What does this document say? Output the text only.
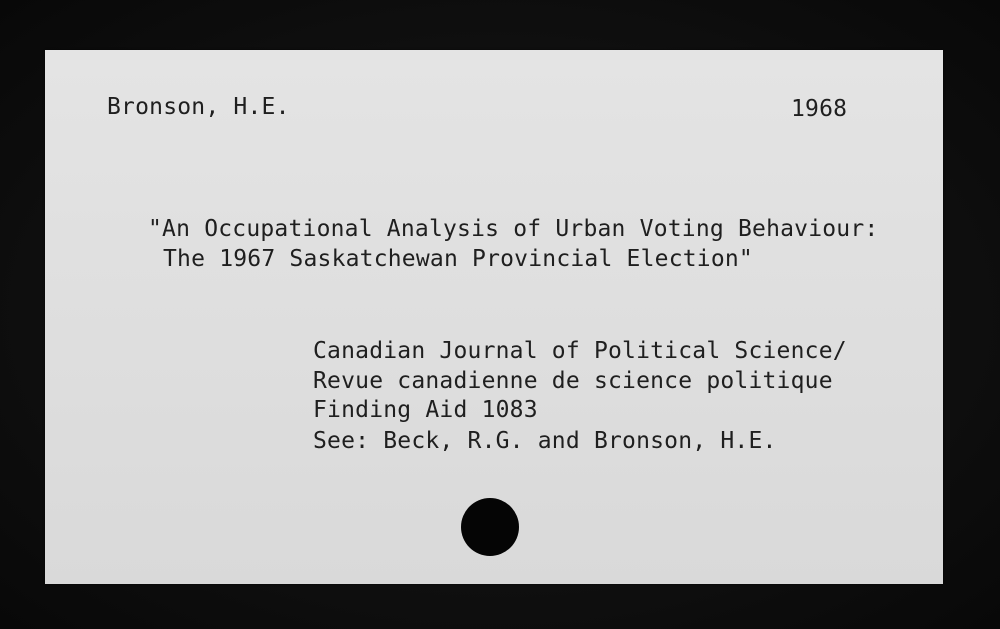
Bronson, H.E.	1968
"An Occupational Analysis of Urban Voting Behaviour:
The 1967 Saskatchewan Provincial Election"
Canadian Journal of Political Science/
Revue canadienne de science politique
Finding Aid 1083
See: Beck, R.G. and Bronson, H.E.
